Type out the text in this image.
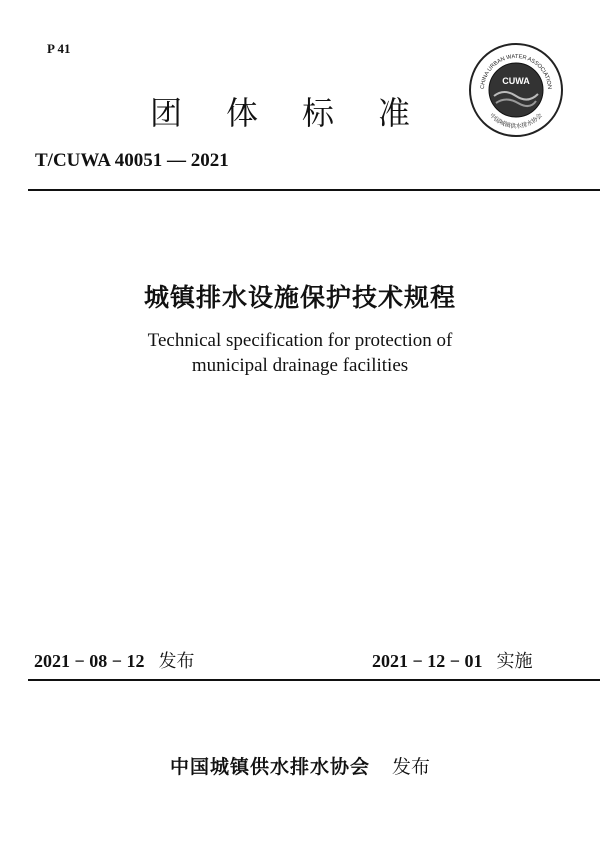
P 41
团体标准
CUWA
CHINA URBAN WATER ASSOCIATION
中国城镇供水排水协会
T/CUWA 40051 — 2021
城镇排水设施保护技术规程
Technical specification for protection of
municipal drainage facilities
2021 − 08 − 12 发布	2021 − 12 − 01 实施
中国城镇供水排水协会 发布
